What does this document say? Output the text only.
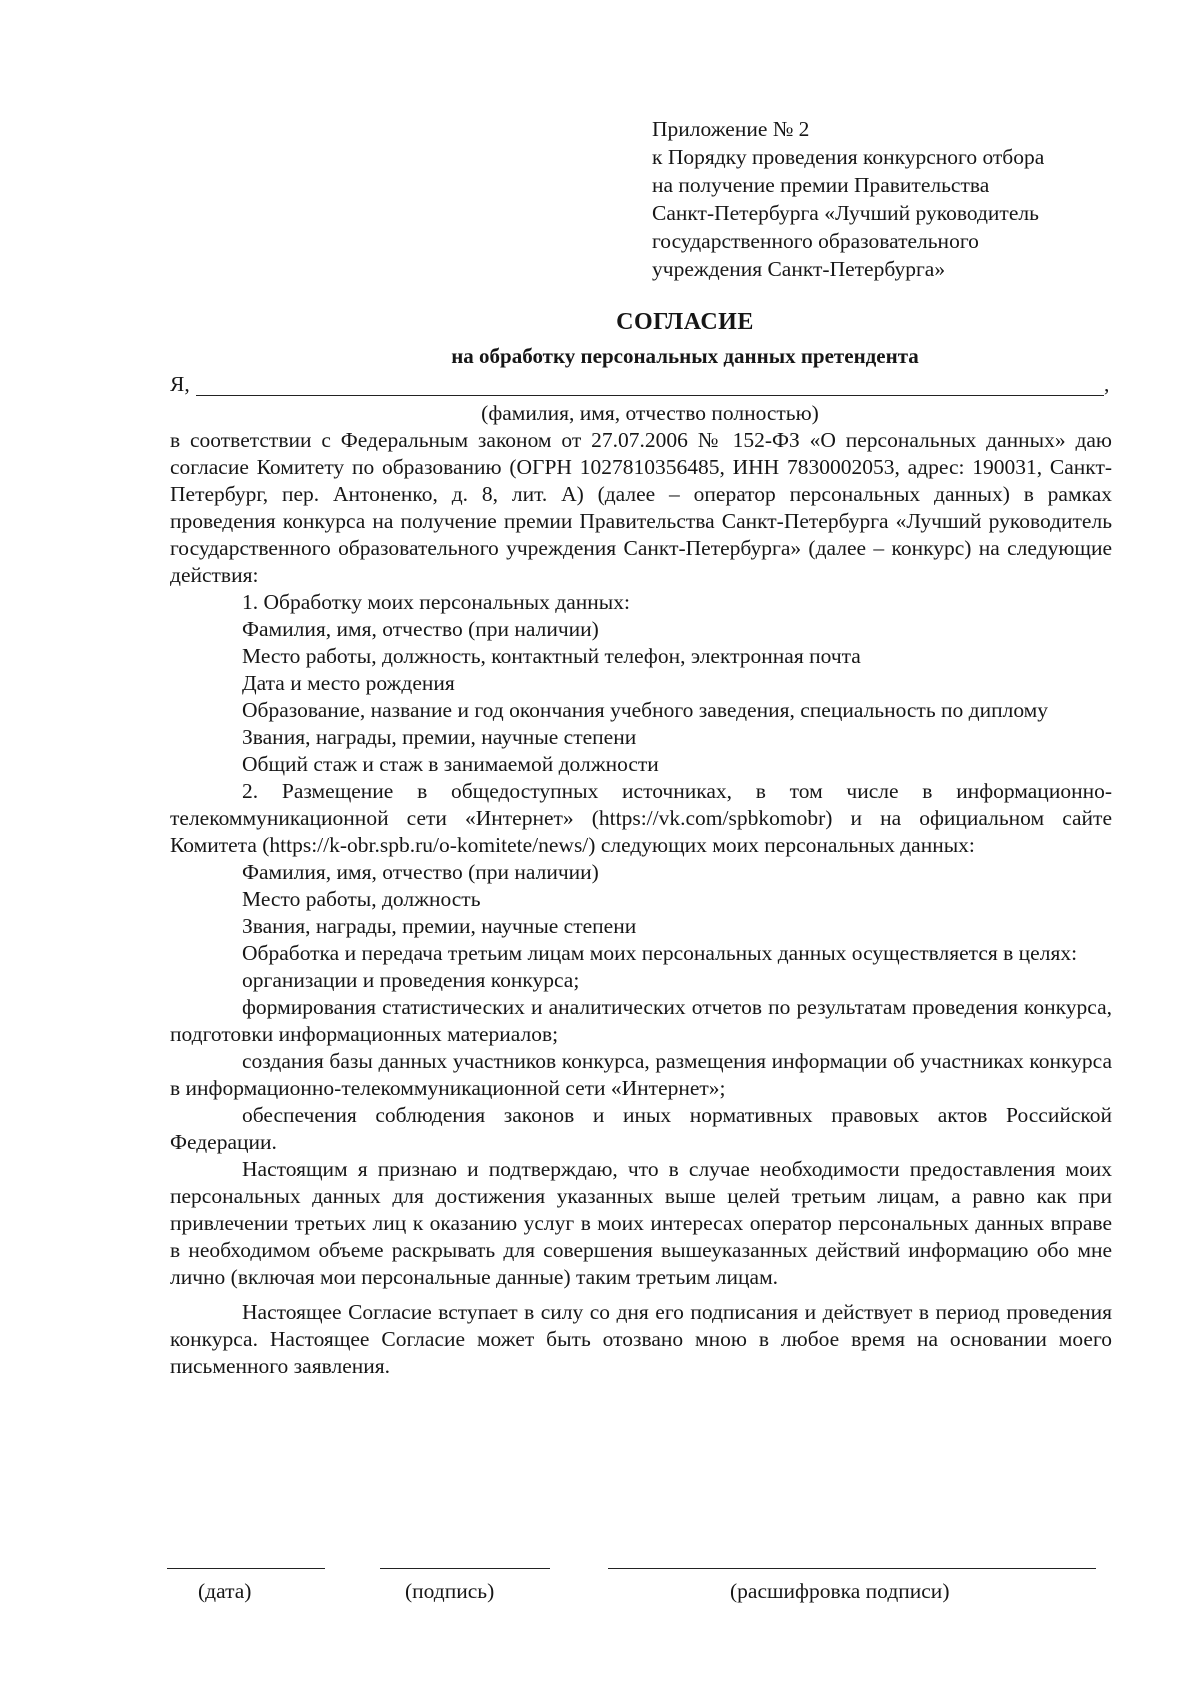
Приложение № 2
к Порядку проведения конкурсного отбора
на получение премии Правительства
Санкт-Петербурга «Лучший руководитель
государственного образовательного
учреждения Санкт-Петербурга»
СОГЛАСИЕ
на обработку персональных данных претендента
Я,	,
(фамилия, имя, отчество полностью)

в соответствии с Федеральным законом от 27.07.2006 № 152-ФЗ «О персональных данных» даю согласие Комитету по образованию (ОГРН 1027810356485, ИНН 7830002053, адрес: 190031, Санкт-Петербург, пер. Антоненко, д. 8, лит. А) (далее – оператор персональных данных) в рамках проведения конкурса на получение премии Правительства Санкт-Петербурга «Лучший руководитель государственного образовательного учреждения Санкт-Петербурга» (далее – конкурс) на следующие действия:

1. Обработку моих персональных данных:

Фамилия, имя, отчество (при наличии)

Место работы, должность, контактный телефон, электронная почта

Дата и место рождения

Образование, название и год окончания учебного заведения, специальность по диплому

Звания, награды, премии, научные степени

Общий стаж и стаж в занимаемой должности

2. Размещение в общедоступных источниках, в том числе в информационно-телекоммуникационной сети «Интернет» (https://vk.com/spbkomobr) и на официальном сайте Комитета (https://k-obr.spb.ru/o-komitete/news/) следующих моих персональных данных:

Фамилия, имя, отчество (при наличии)

Место работы, должность

Звания, награды, премии, научные степени

Обработка и передача третьим лицам моих персональных данных осуществляется в целях:

организации и проведения конкурса;

формирования статистических и аналитических отчетов по результатам проведения конкурса, подготовки информационных материалов;

создания базы данных участников конкурса, размещения информации об участниках конкурса в информационно-телекоммуникационной сети «Интернет»;

обеспечения соблюдения законов и иных нормативных правовых актов Российской Федерации.

Настоящим я признаю и подтверждаю, что в случае необходимости предоставления моих персональных данных для достижения указанных выше целей третьим лицам, а равно как при привлечении третьих лиц к оказанию услуг в моих интересах оператор персональных данных вправе в необходимом объеме раскрывать для совершения вышеуказанных действий информацию обо мне лично (включая мои персональные данные) таким третьим лицам.

Настоящее Согласие вступает в силу со дня его подписания и действует в период проведения конкурса. Настоящее Согласие может быть отозвано мною в любое время на основании моего письменного заявления.

(дата)	(подпись)	(расшифровка подписи)
